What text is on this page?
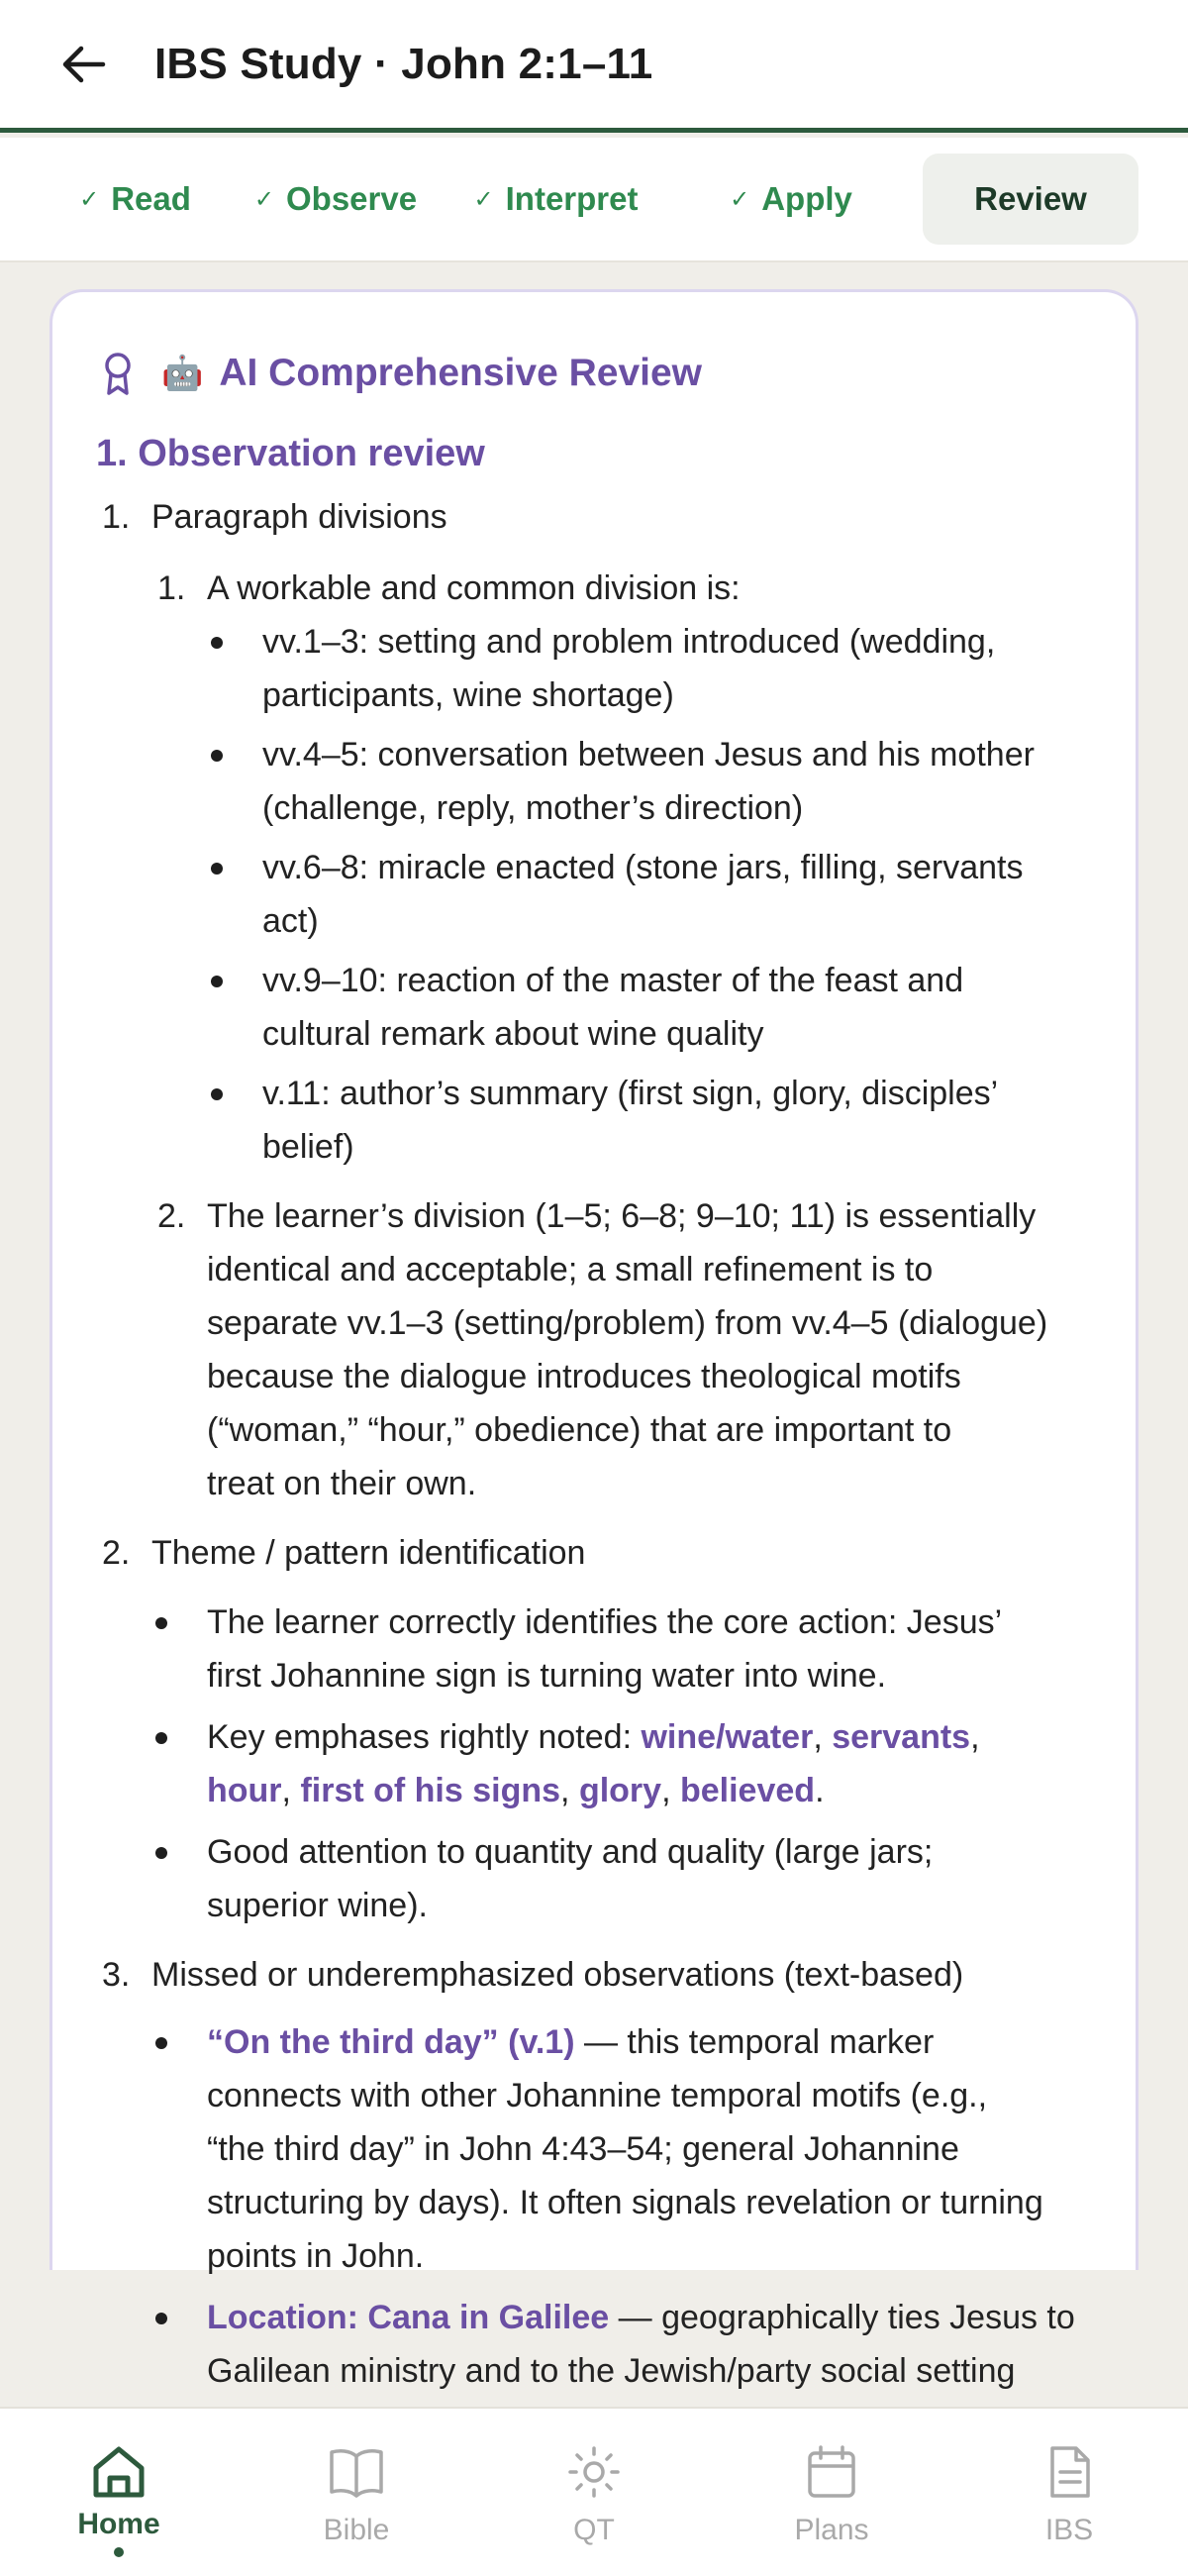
IBS Study · John 2:1–11
✓ Read	✓ Observe ✓ Interpret	✓ Apply	Review
🤖 AI Comprehensive Review
1. Observation review
1. Paragraph divisions
1. A workable and common division is:
vv.1–3: setting and problem introduced (wedding,
participants, wine shortage)
vv.4–5: conversation between Jesus and his mother
(challenge, reply, mother’s direction)
vv.6–8: miracle enacted (stone jars, filling, servants
act)
vv.9–10: reaction of the master of the feast and
cultural remark about wine quality
v.11: author’s summary (first sign, glory, disciples’
belief)
2. The learner’s division (1–5; 6–8; 9–10; 11) is essentially
identical and acceptable; a small refinement is to
separate vv.1–3 (setting/problem) from vv.4–5 (dialogue)
because the dialogue introduces theological motifs
(“woman,” “hour,” obedience) that are important to
treat on their own.
2. Theme / pattern identification
The learner correctly identifies the core action: Jesus’
first Johannine sign is turning water into wine.
Key emphases rightly noted: wine/water, servants,
hour, first of his signs, glory, believed.
Good attention to quantity and quality (large jars;
superior wine).
3. Missed or underemphasized observations (text-based)
“On the third day” (v.1) — this temporal marker
connects with other Johannine temporal motifs (e.g.,
“the third day” in John 4:43–54; general Johannine
structuring by days). It often signals revelation or turning
points in John.
Location: Cana in Galilee — geographically ties Jesus to
Galilean ministry and to the Jewish/party social setting
Home	Bible	QT	Plans	IBS
